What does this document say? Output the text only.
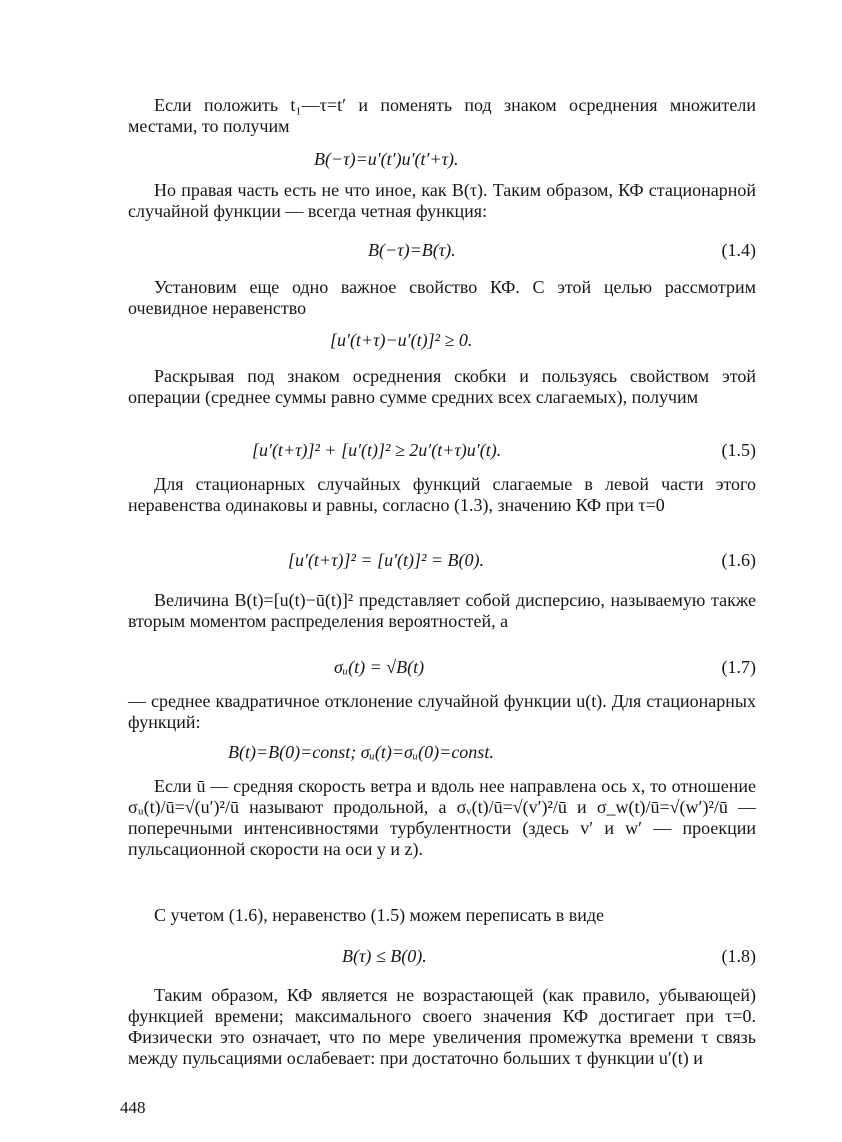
Если положить t₁—τ=t′ и поменять под знаком осреднения множители местами, то получим
B(−τ)=u′(t′)u′(t′+τ).
Но правая часть есть не что иное, как B(τ). Таким образом, КФ стационарной случайной функции — всегда четная функция:
B(−τ)=B(τ).	(1.4)
Установим еще одно важное свойство КФ. С этой целью рассмотрим очевидное неравенство
[u′(t+τ)−u′(t)]² ≥ 0.
Раскрывая под знаком осреднения скобки и пользуясь свойством этой операции (среднее суммы равно сумме средних всех слагаемых), получим
[u′(t+τ)]² + [u′(t)]² ≥ 2u′(t+τ)u′(t).	(1.5)
Для стационарных случайных функций слагаемые в левой части этого неравенства одинаковы и равны, согласно (1.3), значению КФ при τ=0
[u′(t+τ)]² = [u′(t)]² = B(0).	(1.6)
Величина B(t)=[u(t)−ū(t)]² представляет собой дисперсию, называемую также вторым моментом распределения вероятностей, а
σᵤ(t) = √B(t)	(1.7)
— среднее квадратичное отклонение случайной функции u(t). Для стационарных функций:
B(t)=B(0)=const; σᵤ(t)=σᵤ(0)=const.
Если ū — средняя скорость ветра и вдоль нее направлена ось x, то отношение σᵤ(t)/ū=√(u′)²/ū называют продольной, а σᵥ(t)/ū=√(v′)²/ū и σ_w(t)/ū=√(w′)²/ū — поперечными интенсивностями турбулентности (здесь v′ и w′ — проекции пульсационной скорости на оси y и z).
С учетом (1.6), неравенство (1.5) можем переписать в виде
B(τ) ≤ B(0).	(1.8)
Таким образом, КФ является не возрастающей (как правило, убывающей) функцией времени; максимального своего значения КФ достигает при τ=0. Физически это означает, что по мере увеличения промежутка времени τ связь между пульсациями ослабевает: при достаточно больших τ функции u′(t) и
448
